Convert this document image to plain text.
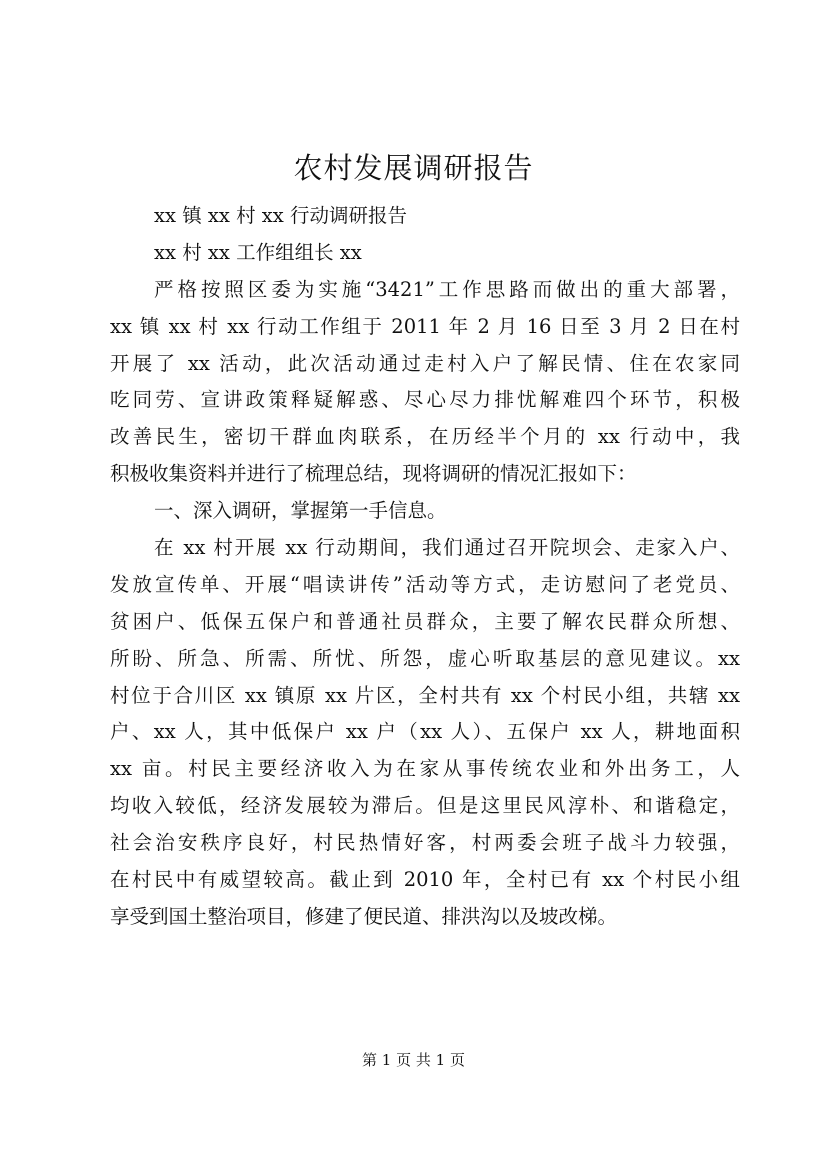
农村发展调研报告
xx 镇 xx 村 xx 行动调研报告
xx 村 xx 工作组组长 xx
严格按照区委为实施“3421”工作思路而做出的重大部署，
xx 镇 xx 村 xx 行动工作组于 2011 年 2 月 16 日至 3 月 2 日在村
开展了 xx 活动，此次活动通过走村入户了解民情、住在农家同
吃同劳、宣讲政策释疑解惑、尽心尽力排忧解难四个环节，积极
改善民生，密切干群血肉联系，在历经半个月的 xx 行动中，我
积极收集资料并进行了梳理总结，现将调研的情况汇报如下：
一、深入调研，掌握第一手信息。
在 xx 村开展 xx 行动期间，我们通过召开院坝会、走家入户、
发放宣传单、开展“唱读讲传”活动等方式，走访慰问了老党员、
贫困户、低保五保户和普通社员群众，主要了解农民群众所想、
所盼、所急、所需、所忧、所怨，虚心听取基层的意见建议。xx
村位于合川区 xx 镇原 xx 片区，全村共有 xx 个村民小组，共辖 xx
户、xx 人，其中低保户 xx 户（xx 人）、五保户 xx 人，耕地面积
xx 亩。村民主要经济收入为在家从事传统农业和外出务工，人
均收入较低，经济发展较为滞后。但是这里民风淳朴、和谐稳定，
社会治安秩序良好，村民热情好客，村两委会班子战斗力较强，
在村民中有威望较高。截止到 2010 年，全村已有 xx 个村民小组
享受到国土整治项目，修建了便民道、排洪沟以及坡改梯。
第 1 页 共 1 页
